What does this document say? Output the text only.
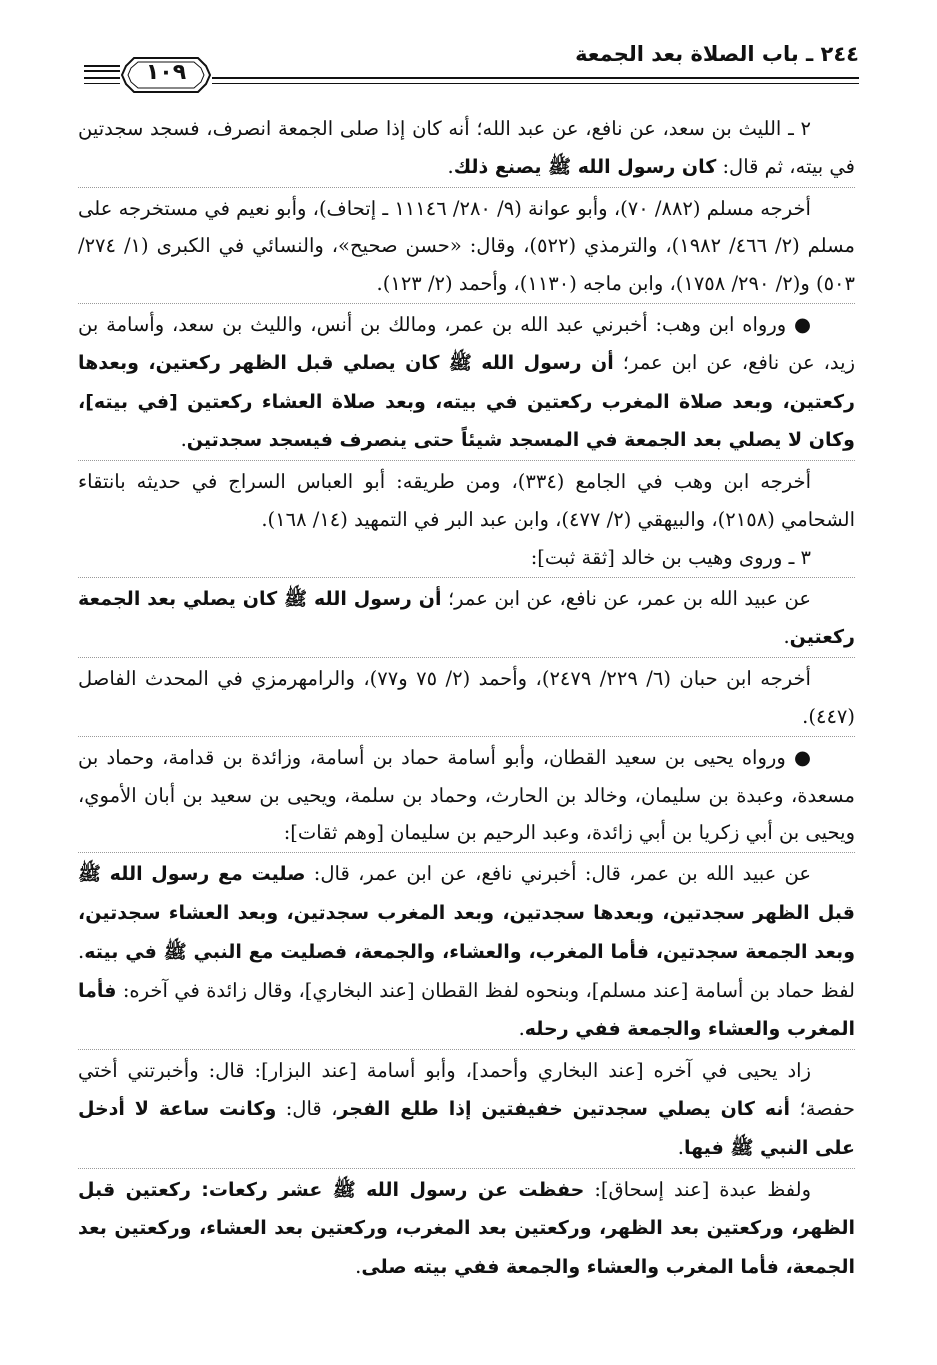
٢٤٤ ـ باب الصلاة بعد الجمعة
١٠٩

٢ ـ الليث بن سعد، عن نافع، عن عبد الله؛ أنه كان إذا صلى الجمعة انصرف، فسجد سجدتين في بيته، ثم قال: كان رسول الله ﷺ يصنع ذلك.

أخرجه مسلم (٨٨٢/ ٧٠)، وأبو عوانة (٩/ ٢٨٠/ ١١١٤٦ ـ إتحاف)، وأبو نعيم في مستخرجه على مسلم (٢/ ٤٦٦/ ١٩٨٢)، والترمذي (٥٢٢)، وقال: «حسن صحيح»، والنسائي في الكبرى (١/ ٢٧٤/ ٥٠٣) و(٢/ ٢٩٠/ ١٧٥٨)، وابن ماجه (١١٣٠)، وأحمد (٢/ ١٢٣).

● ورواه ابن وهب: أخبرني عبد الله بن عمر، ومالك بن أنس، والليث بن سعد، وأسامة بن زيد، عن نافع، عن ابن عمر؛ أن رسول الله ﷺ كان يصلي قبل الظهر ركعتين، وبعدها ركعتين، وبعد صلاة المغرب ركعتين في بيته، وبعد صلاة العشاء ركعتين [في بيته]، وكان لا يصلي بعد الجمعة في المسجد شيئاً حتى ينصرف فيسجد سجدتين.

أخرجه ابن وهب في الجامع (٣٣٤)، ومن طريقه: أبو العباس السراج في حديثه بانتقاء الشحامي (٢١٥٨)، والبيهقي (٢/ ٤٧٧)، وابن عبد البر في التمهيد (١٤/ ١٦٨).

٣ ـ وروى وهيب بن خالد [ثقة ثبت]:

عن عبيد الله بن عمر، عن نافع، عن ابن عمر؛ أن رسول الله ﷺ كان يصلي بعد الجمعة ركعتين.

أخرجه ابن حبان (٦/ ٢٢٩/ ٢٤٧٩)، وأحمد (٢/ ٧٥ و٧٧)، والرامهرمزي في المحدث الفاصل (٤٤٧).

● ورواه يحيى بن سعيد القطان، وأبو أسامة حماد بن أسامة، وزائدة بن قدامة، وحماد بن مسعدة، وعبدة بن سليمان، وخالد بن الحارث، وحماد بن سلمة، ويحيى بن سعيد بن أبان الأموي، ويحيى بن أبي زكريا بن أبي زائدة، وعبد الرحيم بن سليمان [وهم ثقات]:

عن عبيد الله بن عمر، قال: أخبرني نافع، عن ابن عمر، قال: صليت مع رسول الله ﷺ قبل الظهر سجدتين، وبعدها سجدتين، وبعد المغرب سجدتين، وبعد العشاء سجدتين، وبعد الجمعة سجدتين، فأما المغرب، والعشاء، والجمعة، فصليت مع النبي ﷺ في بيته. لفظ حماد بن أسامة [عند مسلم]، وبنحوه لفظ القطان [عند البخاري]، وقال زائدة في آخره: فأما المغرب والعشاء والجمعة ففي رحله.

زاد يحيى في آخره [عند البخاري وأحمد]، وأبو أسامة [عند البزار]: قال: وأخبرتني أختي حفصة؛ أنه كان يصلي سجدتين خفيفتين إذا طلع الفجر، قال: وكانت ساعة لا أدخل على النبي ﷺ فيها.

ولفظ عبدة [عند إسحاق]: حفظت عن رسول الله ﷺ عشر ركعات: ركعتين قبل الظهر، وركعتين بعد الظهر، وركعتين بعد المغرب، وركعتين بعد العشاء، وركعتين بعد الجمعة، فأما المغرب والعشاء والجمعة ففي بيته صلى.
